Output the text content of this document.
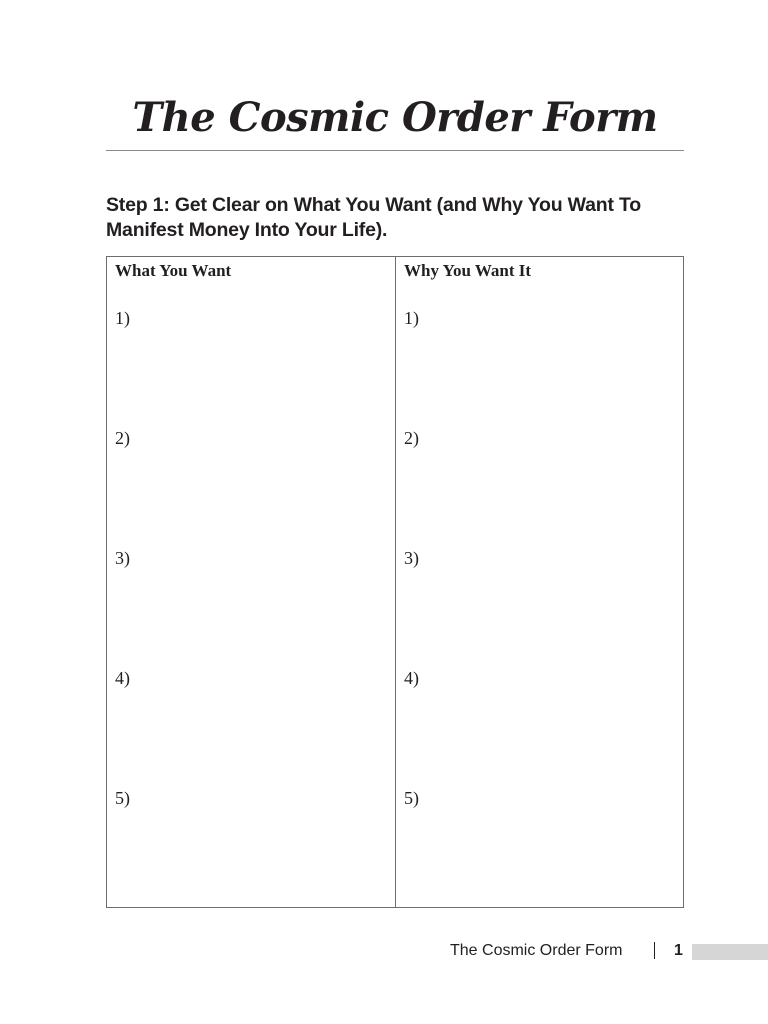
The Cosmic Order Form

Step 1: Get Clear on What You Want (and Why You Want To Manifest Money Into Your Life).

What You Want
1)
2)
3)
4)
5)
Why You Want It
1)
2)
3)
4)
5)
The Cosmic Order Form	1
